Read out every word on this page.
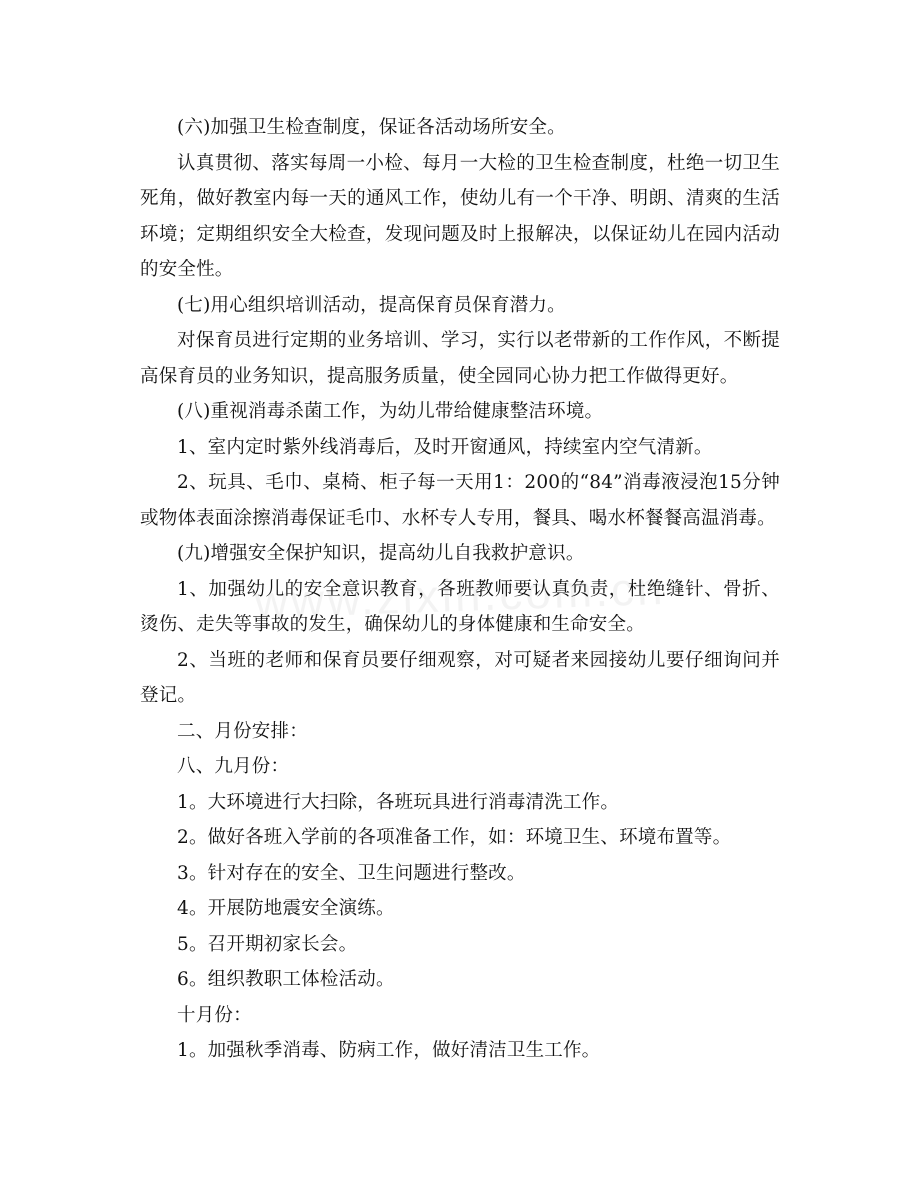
(六)加强卫生检查制度，保证各活动场所安全。

认真贯彻、落实每周一小检、每月一大检的卫生检查制度，杜绝一切卫生死角，做好教室内每一天的通风工作，使幼儿有一个干净、明朗、清爽的生活环境；定期组织安全大检查，发现问题及时上报解决，以保证幼儿在园内活动的安全性。

(七)用心组织培训活动，提高保育员保育潜力。

对保育员进行定期的业务培训、学习，实行以老带新的工作作风，不断提高保育员的业务知识，提高服务质量，使全园同心协力把工作做得更好。

(八)重视消毒杀菌工作，为幼儿带给健康整洁环境。

1、室内定时紫外线消毒后，及时开窗通风，持续室内空气清新。

2、玩具、毛巾、桌椅、柜子每一天用1：200的“84”消毒液浸泡15分钟或物体表面涂擦消毒保证毛巾、水杯专人专用，餐具、喝水杯餐餐高温消毒。

(九)增强安全保护知识，提高幼儿自我救护意识。

1、加强幼儿的安全意识教育，各班教师要认真负责，杜绝缝针、骨折、烫伤、走失等事故的发生，确保幼儿的身体健康和生命安全。

2、当班的老师和保育员要仔细观察，对可疑者来园接幼儿要仔细询问并登记。

二、月份安排：

八、九月份：

1。大环境进行大扫除，各班玩具进行消毒清洗工作。

2。做好各班入学前的各项准备工作，如：环境卫生、环境布置等。

3。针对存在的安全、卫生问题进行整改。

4。开展防地震安全演练。

5。召开期初家长会。

6。组织教职工体检活动。

十月份：

1。加强秋季消毒、防病工作，做好清洁卫生工作。
